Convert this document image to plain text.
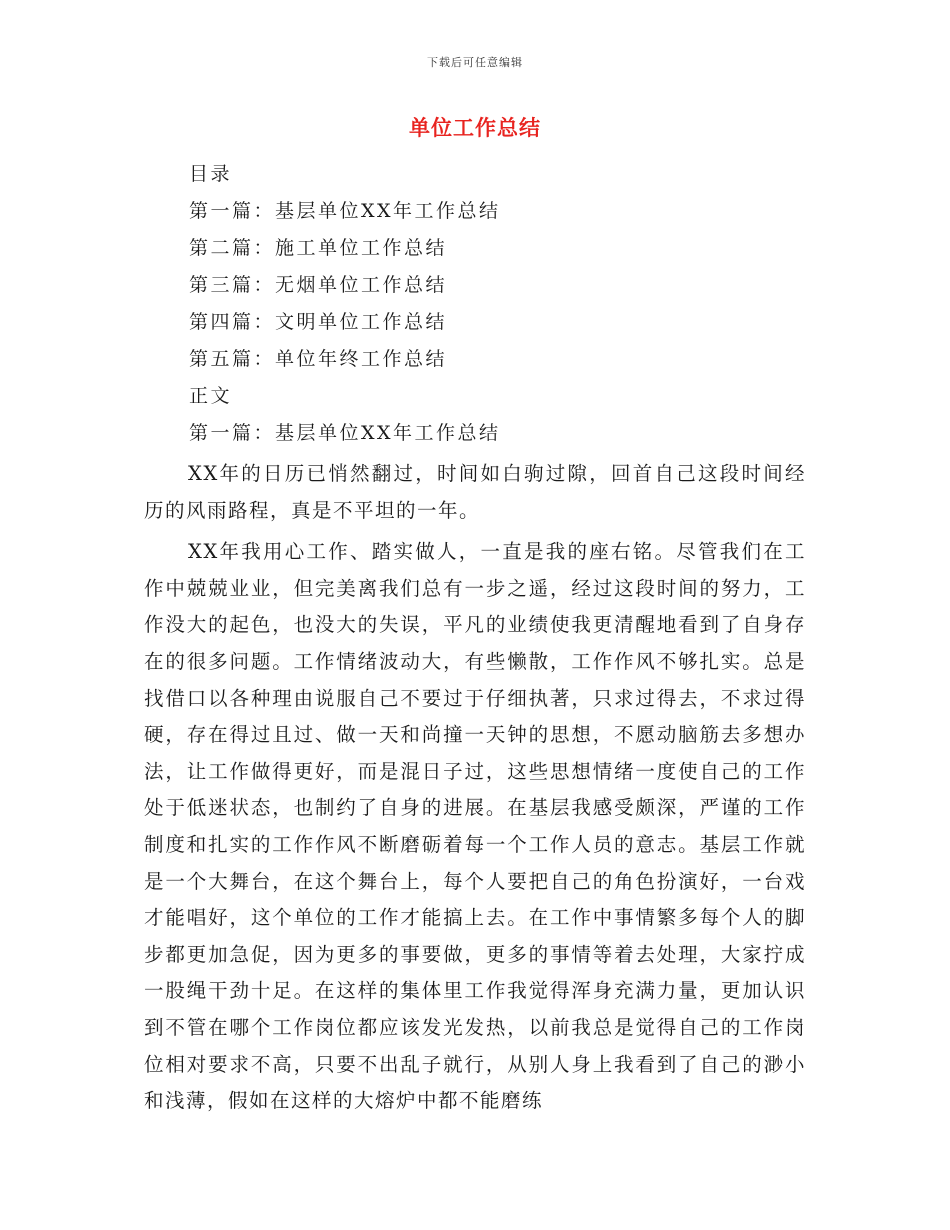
下载后可任意编辑
单位工作总结
目录
第一篇：基层单位XX年工作总结
第二篇：施工单位工作总结
第三篇：无烟单位工作总结
第四篇：文明单位工作总结
第五篇：单位年终工作总结
正文
第一篇：基层单位XX年工作总结

XX年的日历已悄然翻过，时间如白驹过隙，回首自己这段时间经历的风雨路程，真是不平坦的一年。

XX年我用心工作、踏实做人，一直是我的座右铭。尽管我们在工作中兢兢业业，但完美离我们总有一步之遥，经过这段时间的努力，工作没大的起色，也没大的失误，平凡的业绩使我更清醒地看到了自身存在的很多问题。工作情绪波动大，有些懒散，工作作风不够扎实。总是找借口以各种理由说服自己不要过于仔细执著，只求过得去，不求过得硬，存在得过且过、做一天和尚撞一天钟的思想，不愿动脑筋去多想办法，让工作做得更好，而是混日子过，这些思想情绪一度使自己的工作处于低迷状态，也制约了自身的进展。在基层我感受颇深，严谨的工作制度和扎实的工作作风不断磨砺着每一个工作人员的意志。基层工作就是一个大舞台，在这个舞台上，每个人要把自己的角色扮演好，一台戏才能唱好，这个单位的工作才能搞上去。在工作中事情繁多每个人的脚步都更加急促，因为更多的事要做，更多的事情等着去处理，大家拧成一股绳干劲十足。在这样的集体里工作我觉得浑身充满力量，更加认识到不管在哪个工作岗位都应该发光发热，以前我总是觉得自己的工作岗位相对要求不高，只要不出乱子就行，从别人身上我看到了自己的渺小和浅薄，假如在这样的大熔炉中都不能磨练
